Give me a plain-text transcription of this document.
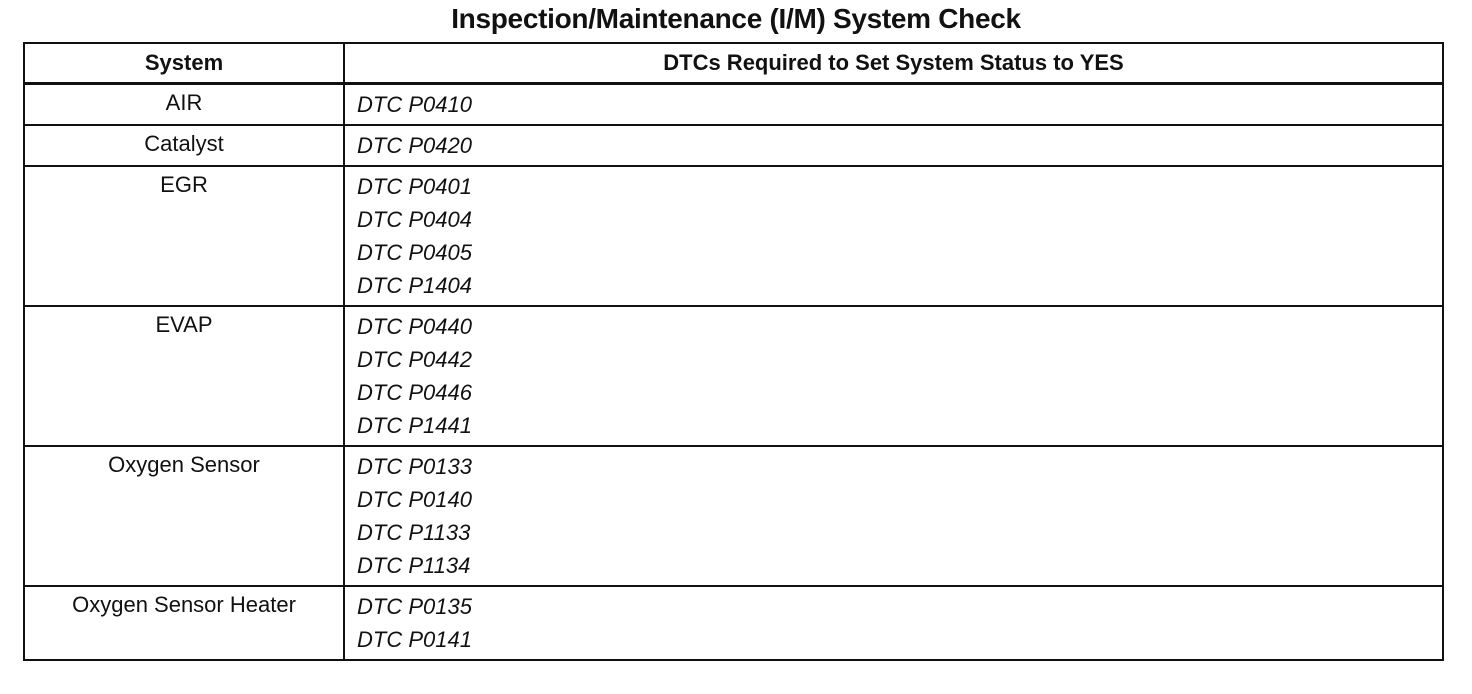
Inspection/Maintenance (I/M) System Check
System	DTCs Required to Set System Status to YES
AIR	DTC P0410

Catalyst	DTC P0420

EGR	DTC P0401
DTC P0404
DTC P0405
DTC P1404

EVAP	DTC P0440
DTC P0442
DTC P0446
DTC P1441

Oxygen Sensor	DTC P0133
DTC P0140
DTC P1133
DTC P1134

Oxygen Sensor Heater	DTC P0135
DTC P0141
